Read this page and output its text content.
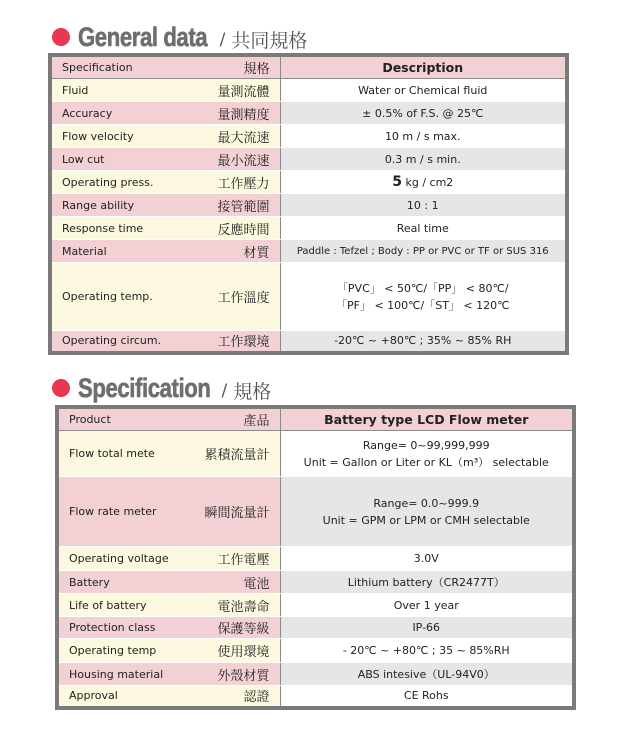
General data / 共同規格
Specification	規格	Description
Fluid	量測流體	Water or Chemical fluid
Accuracy	量測精度	± 0.5% of F.S. @ 25℃
Flow velocity	最大流速	10 m / s max.
Low cut	最小流速	0.3 m / s min.
Operating press.	工作壓力	5 kg / cm2
Range ability	接管範圍	10 : 1
Response time	反應時間	Real time
Material	材質	Paddle : Tefzel ; Body : PP or PVC or TF or SUS 316
Operating temp.	工作溫度	「PVC」 < 50℃/「PP」 < 80℃/
「PF」 < 100℃/「ST」 < 120℃

Operating circum.	工作環境	-20℃ ~ +80℃ ; 35% ~ 85% RH
Specification / 規格
Product	產品	Battery type LCD Flow meter
Flow total mete	累積流量計	Range= 0~99,999,999
Unit = Gallon or Liter or KL（m³） selectable

Flow rate meter	瞬間流量計	Range= 0.0~999.9
Unit = GPM or LPM or CMH selectable

Operating voltage	工作電壓	3.0V
Battery	電池	Lithium battery（CR2477T）
Life of battery	電池壽命	Over 1 year
Protection class	保護等級	IP-66
Operating temp	使用環境	- 20℃ ~ +80℃ ; 35 ~ 85%RH
Housing material	外殼材質	ABS intesive（UL-94V0）
Approval	認證	CE Rohs
